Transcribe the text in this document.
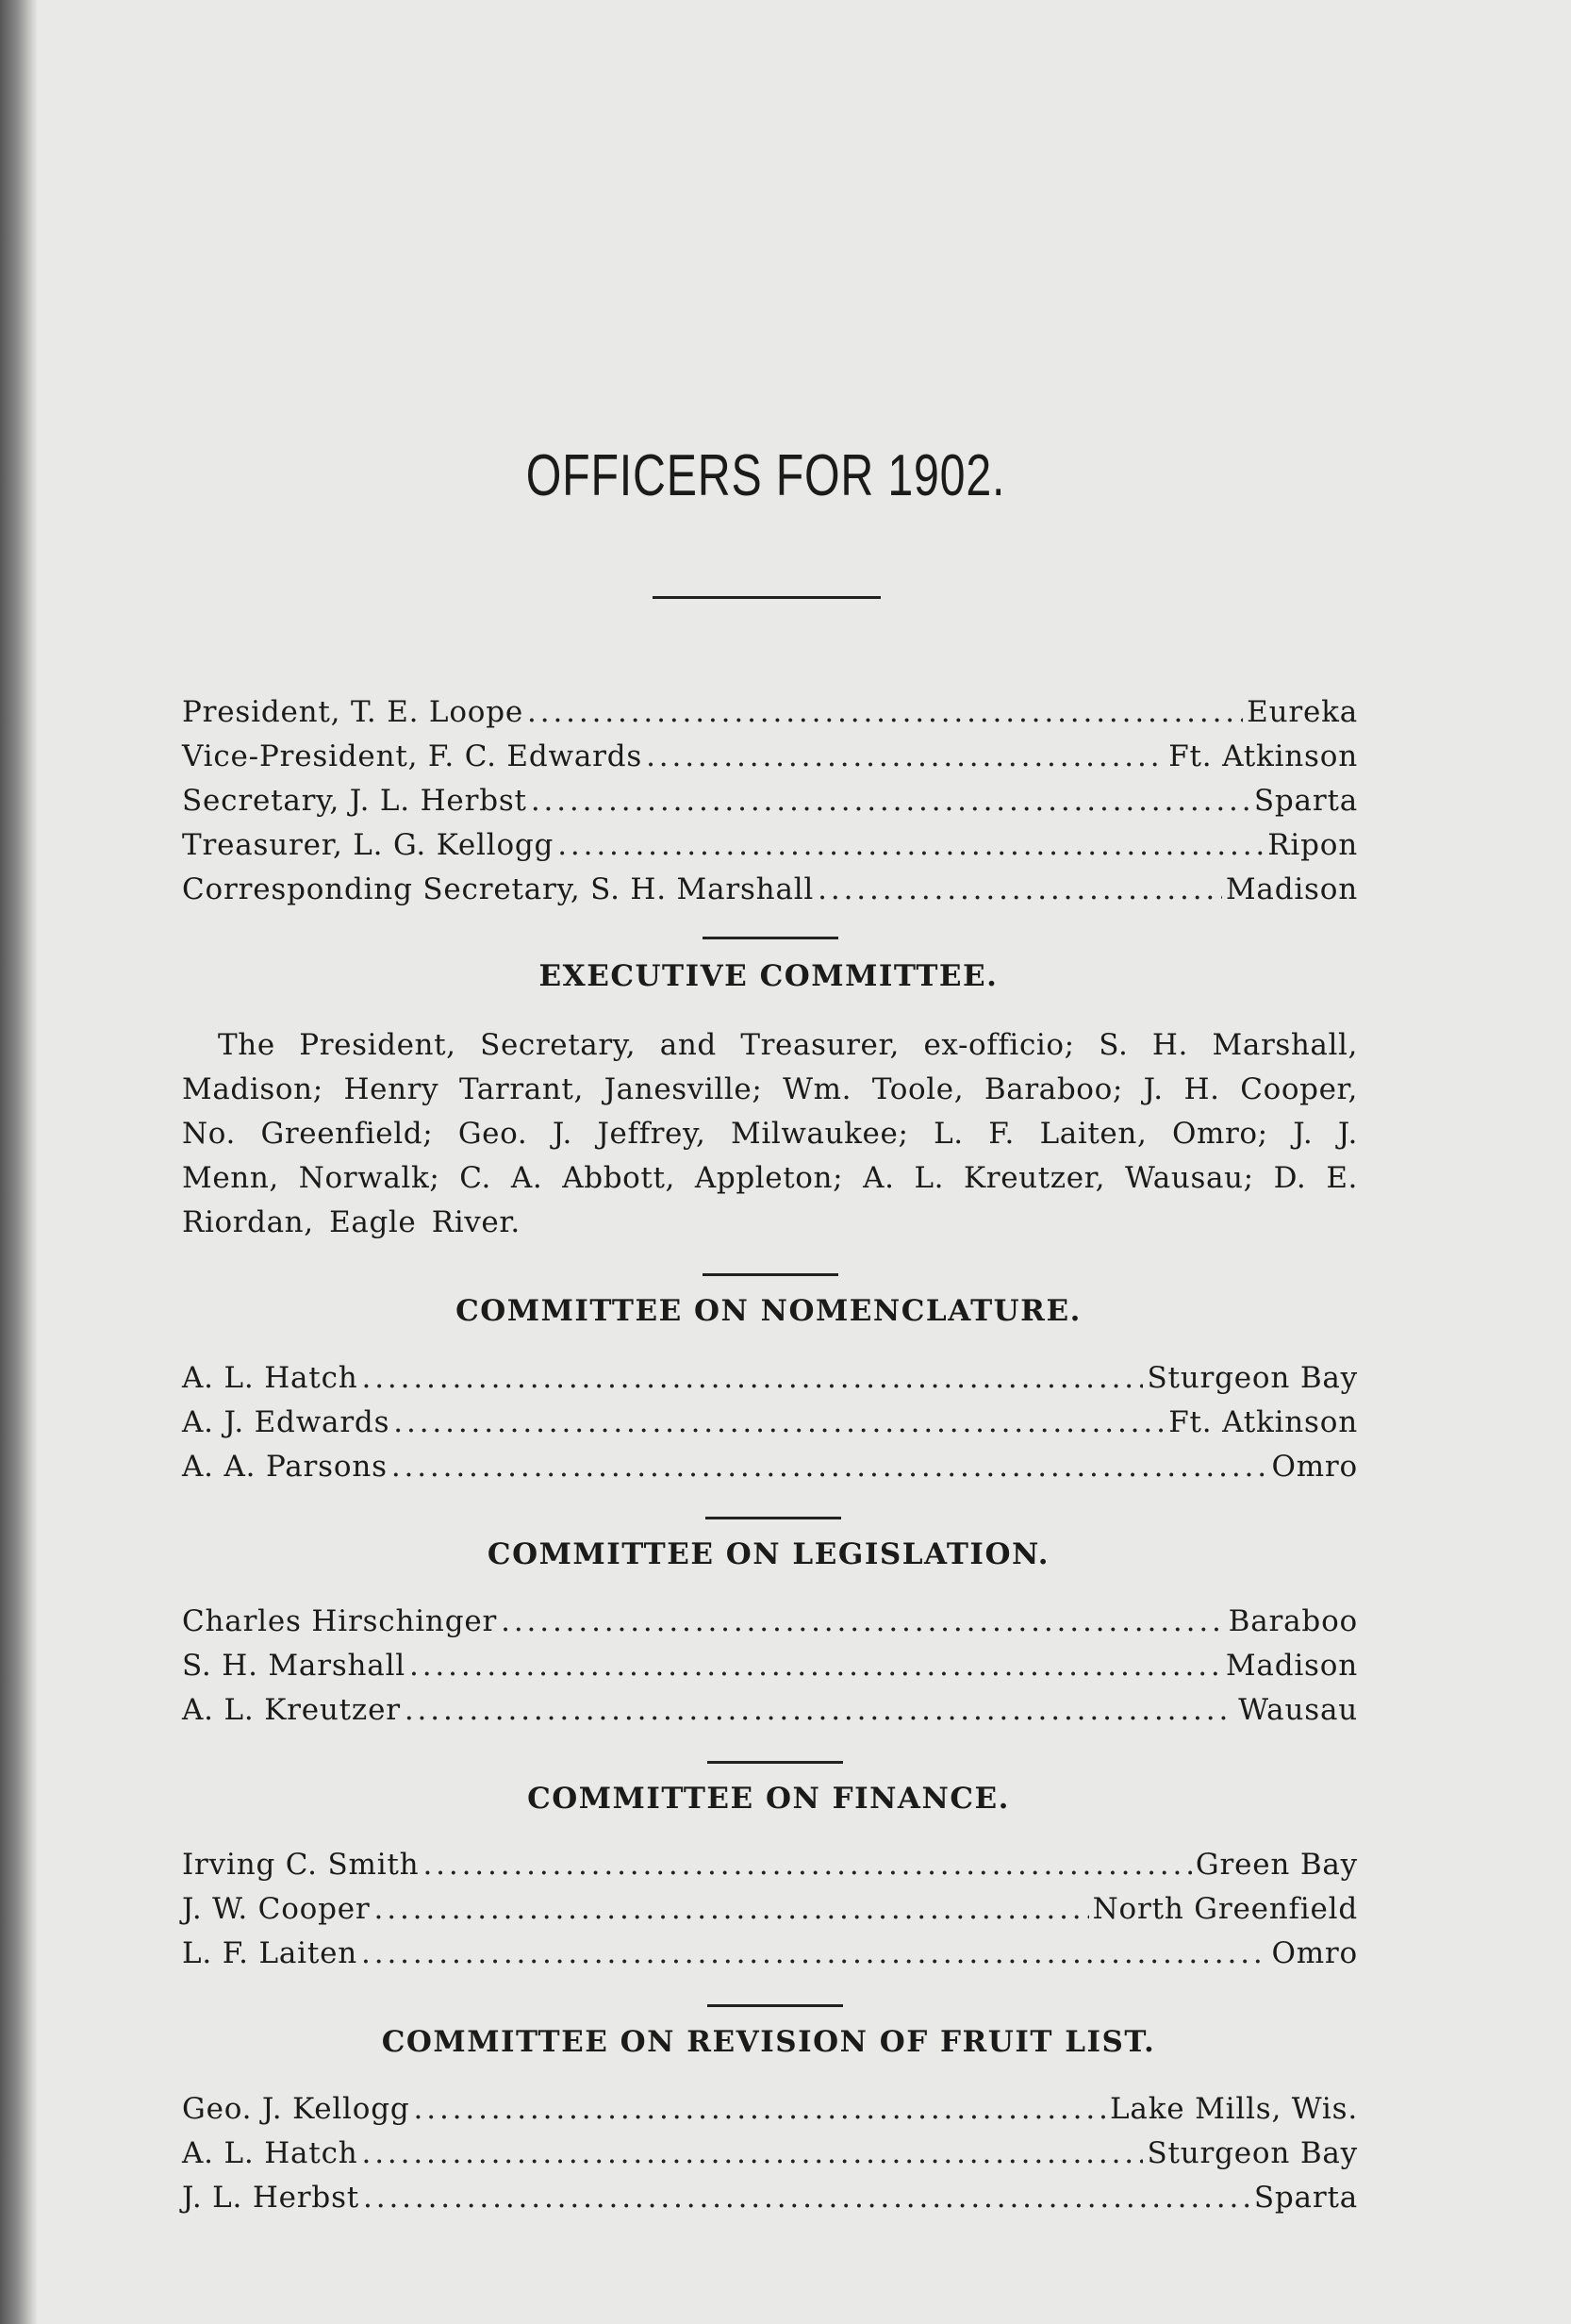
OFFICERS FOR 1902.
President, T. E. Loope . . .	Eureka
Vice-President, F. C. Edwards . . .	Ft. Atkinson
Secretary, J. L. Herbst . . .	Sparta
Treasurer, L. G. Kellogg . . .	Ripon
Corresponding Secretary, S. H. Marshall . . .	Madison
EXECUTIVE COMMITTEE.

The President, Secretary, and Treasurer, ex-officio; S. H. Marshall, Madison; Henry Tarrant, Janesville; Wm. Toole, Baraboo; J. H. Cooper, No. Greenfield; Geo. J. Jeffrey, Milwaukee; L. F. Laiten, Omro; J. J. Menn, Norwalk; C. A. Abbott, Appleton; A. L. Kreutzer, Wausau; D. E. Riordan, Eagle River.

COMMITTEE ON NOMENCLATURE.
A. L. Hatch . . .	Sturgeon Bay
A. J. Edwards . . .	Ft. Atkinson
A. A. Parsons . . .	Omro
COMMITTEE ON LEGISLATION.
Charles Hirschinger . . .	Baraboo
S. H. Marshall . . .	Madison
A. L. Kreutzer . . .	Wausau
COMMITTEE ON FINANCE.
Irving C. Smith . . .	Green Bay
J. W. Cooper . . .	North Greenfield
L. F. Laiten . . .	Omro
COMMITTEE ON REVISION OF FRUIT LIST.
Geo. J. Kellogg . . .	Lake Mills, Wis.
A. L. Hatch . . .	Sturgeon Bay
J. L. Herbst . . .	Sparta
